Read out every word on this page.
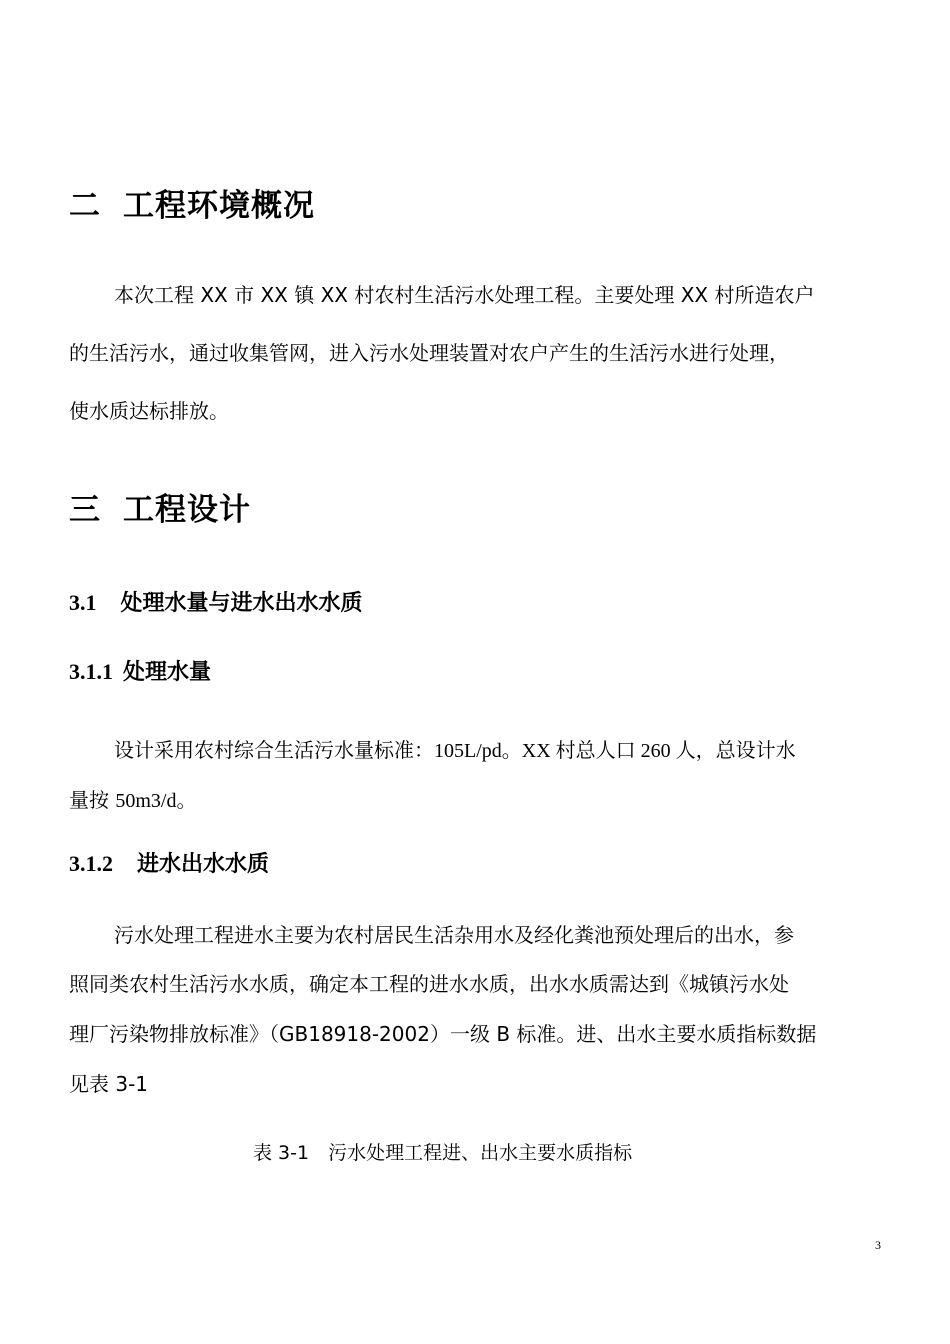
二 工程环境概况
本次工程 XX 市 XX 镇 XX 村农村生活污水处理工程。主要处理 XX 村所造农户
的生活污水，通过收集管网，进入污水处理装置对农户产生的生活污水进行处理，
使水质达标排放。
三 工程设计
3.1 处理水量与进水出水水质
3.1.1 处理水量
设计采用农村综合生活污水量标准：105L/pd。XX 村总人口 260 人，总设计水
量按 50m3/d。
3.1.2 进水出水水质
污水处理工程进水主要为农村居民生活杂用水及经化粪池预处理后的出水，参
照同类农村生活污水水质，确定本工程的进水水质，出水水质需达到《城镇污水处
理厂污染物排放标准》（GB18918-2002）一级 B 标准。进、出水主要水质指标数据
见表 3-1
表 3-1　污水处理工程进、出水主要水质指标
3
